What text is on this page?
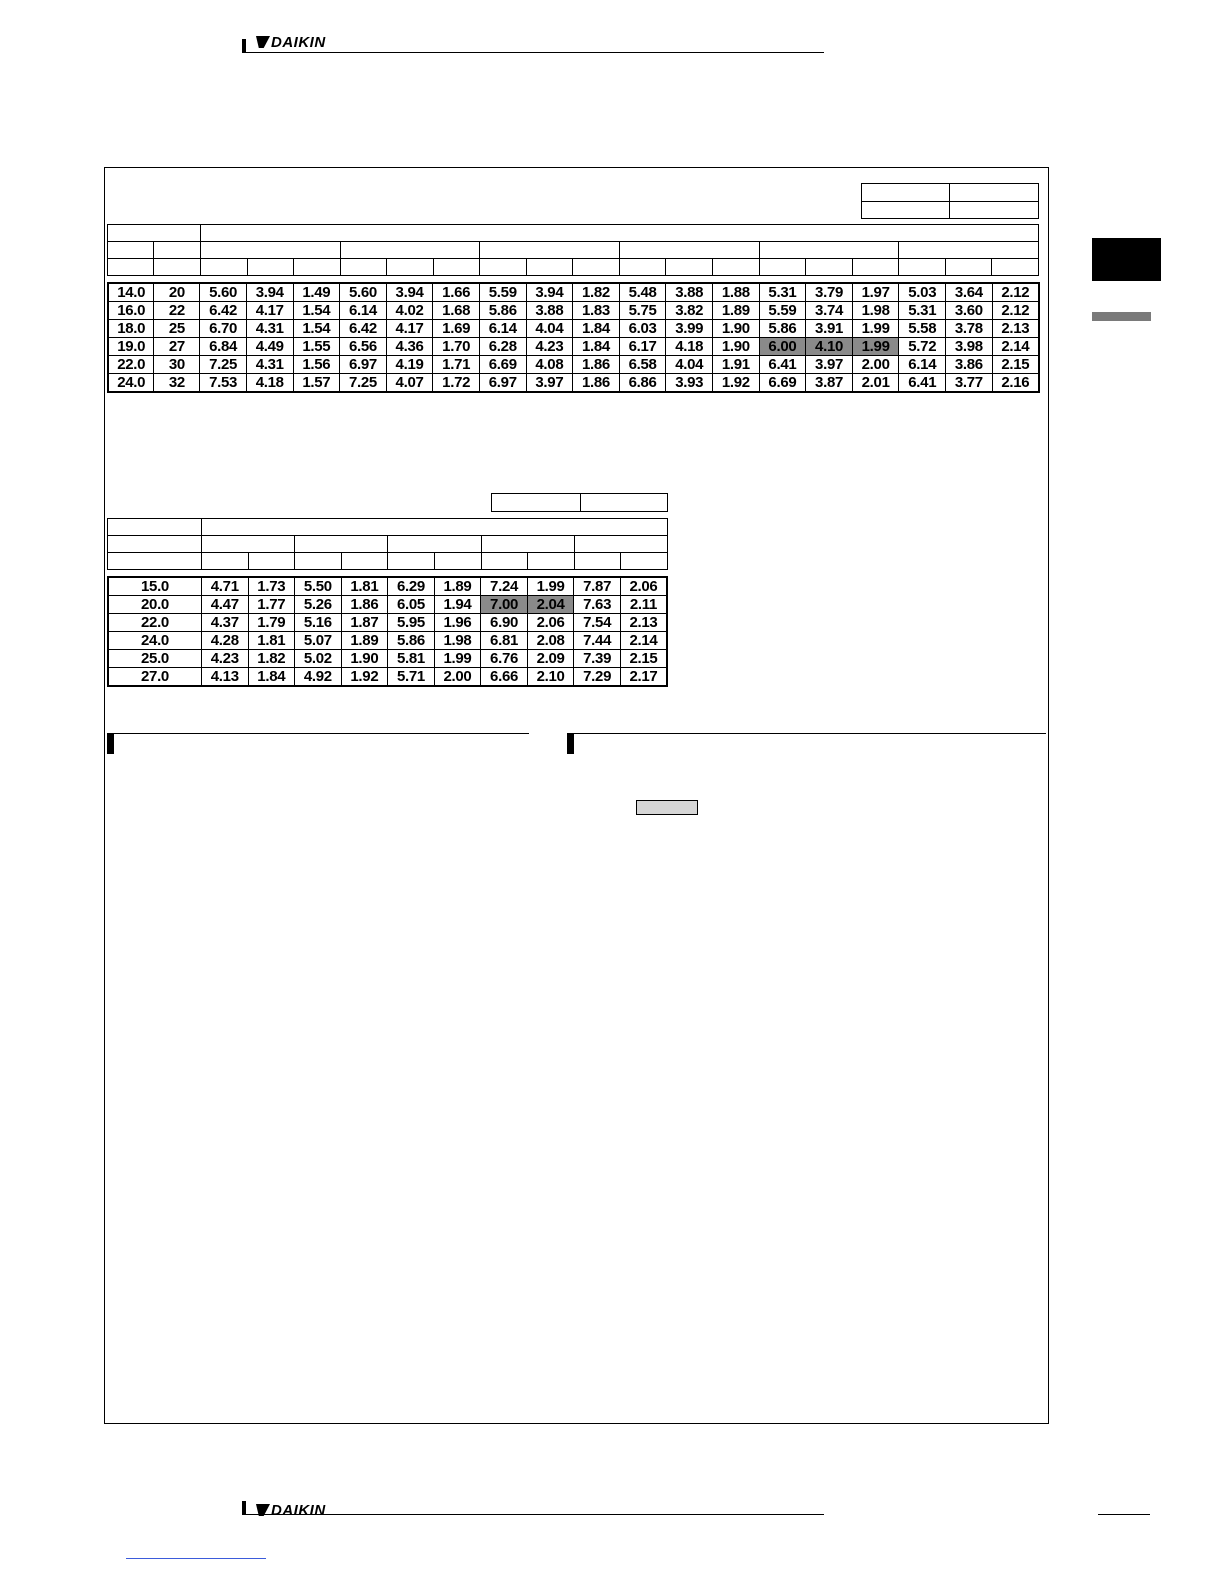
DAIKIN

14.0	20	5.60	3.94	1.49	5.60	3.94	1.66	5.59	3.94	1.82	5.48	3.88	1.88	5.31	3.79	1.97	5.03	3.64	2.12
16.0	22	6.42	4.17	1.54	6.14	4.02	1.68	5.86	3.88	1.83	5.75	3.82	1.89	5.59	3.74	1.98	5.31	3.60	2.12
18.0	25	6.70	4.31	1.54	6.42	4.17	1.69	6.14	4.04	1.84	6.03	3.99	1.90	5.86	3.91	1.99	5.58	3.78	2.13
19.0	27	6.84	4.49	1.55	6.56	4.36	1.70	6.28	4.23	1.84	6.17	4.18	1.90	6.00	4.10	1.99	5.72	3.98	2.14
22.0	30	7.25	4.31	1.56	6.97	4.19	1.71	6.69	4.08	1.86	6.58	4.04	1.91	6.41	3.97	2.00	6.14	3.86	2.15
24.0	32	7.53	4.18	1.57	7.25	4.07	1.72	6.97	3.97	1.86	6.86	3.93	1.92	6.69	3.87	2.01	6.41	3.77	2.16

15.0	4.71	1.73	5.50	1.81	6.29	1.89	7.24	1.99	7.87	2.06
20.0	4.47	1.77	5.26	1.86	6.05	1.94	7.00	2.04	7.63	2.11
22.0	4.37	1.79	5.16	1.87	5.95	1.96	6.90	2.06	7.54	2.13
24.0	4.28	1.81	5.07	1.89	5.86	1.98	6.81	2.08	7.44	2.14
25.0	4.23	1.82	5.02	1.90	5.81	1.99	6.76	2.09	7.39	2.15
27.0	4.13	1.84	4.92	1.92	5.71	2.00	6.66	2.10	7.29	2.17
DAIKIN
